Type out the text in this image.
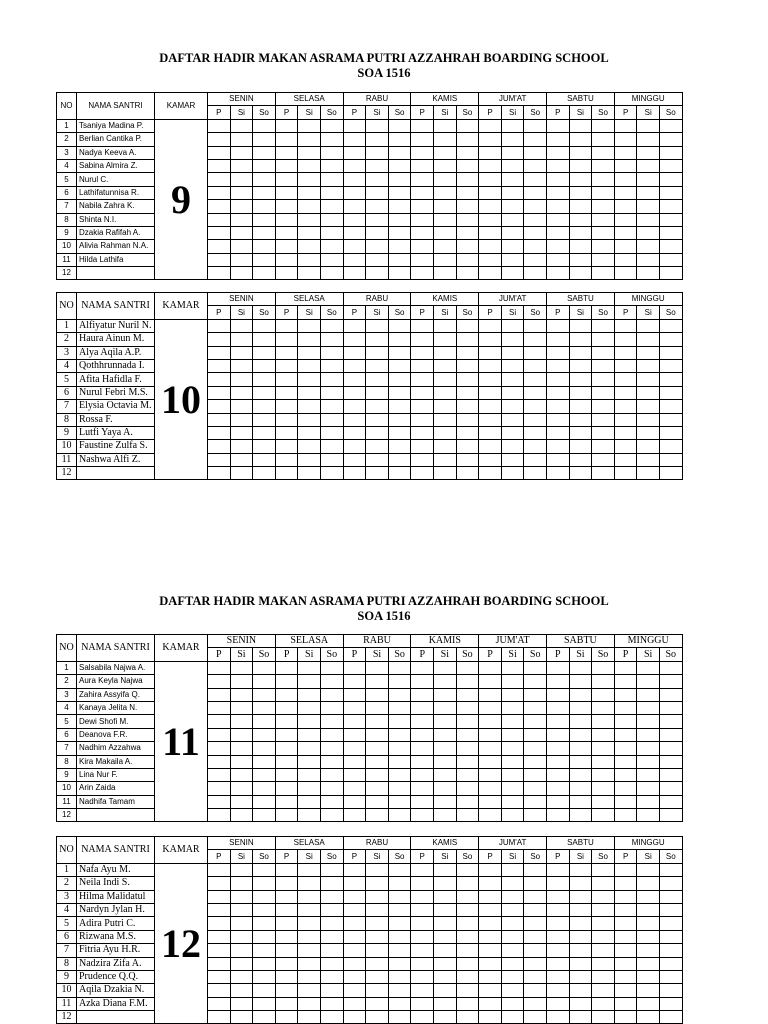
DAFTAR HADIR MAKAN ASRAMA PUTRI AZZAHRAH BOARDING SCHOOL
SOA 1516
NO	NAMA SANTRI	KAMAR	SENIN			SELASA			RABU			KAMIS			JUM'AT			SABTU			MINGGU		
			P	Si	So	P	Si	So	P	Si	So	P	Si	So	P	Si	So	P	Si	So	P	Si	So
1	Tsaniya Madina P.	9																					
2	Berlian Cantika P.																						
3	Nadya Keeva A.																						
4	Sabina Almira Z.																						
5	Nurul C.																						
6	Lathifatunnisa R.																						
7	Nabila Zahra K.																						
8	Shinta N.I.																						
9	Dzakia Rafifah A.																						
10	Alivia Rahman N.A.																						
11	Hilda Lathifa																						
12																							
NO	NAMA SANTRI	KAMAR	SENIN			SELASA			RABU			KAMIS			JUM'AT			SABTU			MINGGU		
			P	Si	So	P	Si	So	P	Si	So	P	Si	So	P	Si	So	P	Si	So	P	Si	So
1	Alfiyatur Nuril N.	10																					
2	Haura Ainun M.																						
3	Alya Aqila A.P.																						
4	Qothhrunnada I.																						
5	Afita Hafidla F.																						
6	Nurul Febri M.S.																						
7	Elysia Octavia M.																						
8	Rossa F.																						
9	Lutfi Yaya A.																						
10	Faustine Zulfa S.																						
11	Nashwa Alfi Z.																						
12																							
DAFTAR HADIR MAKAN ASRAMA PUTRI AZZAHRAH BOARDING SCHOOL
SOA 1516
NO	NAMA SANTRI	KAMAR	SENIN			SELASA			RABU			KAMIS			JUM'AT			SABTU			MINGGU		
			P	Si	So	P	Si	So	P	Si	So	P	Si	So	P	Si	So	P	Si	So	P	Si	So
1	Salsabila Najwa A.	11																					
2	Aura Keyla Najwa																						
3	Zahira Assyifa Q.																						
4	Kanaya Jelita N.																						
5	Dewi Shofi M.																						
6	Deanova F.R.																						
7	Nadhim Azzahwa																						
8	Kira Makaila A.																						
9	Lina Nur F.																						
10	Arin Zaida																						
11	Nadhifa Tamam																						
12																							
NO	NAMA SANTRI	KAMAR	SENIN			SELASA			RABU			KAMIS			JUM'AT			SABTU			MINGGU		
			P	Si	So	P	Si	So	P	Si	So	P	Si	So	P	Si	So	P	Si	So	P	Si	So
1	Nafa Ayu M.	12																					
2	Neila Indi S.																						
3	Hilma Malidatul																						
4	Nardyn Jylan H.																						
5	Adira Putri C.																						
6	Rizwana M.S.																						
7	Fitria Ayu H.R.																						
8	Nadzira Zifa A.																						
9	Prudence Q.Q.																						
10	Aqila Dzakia N.																						
11	Azka Diana F.M.																						
12																							
